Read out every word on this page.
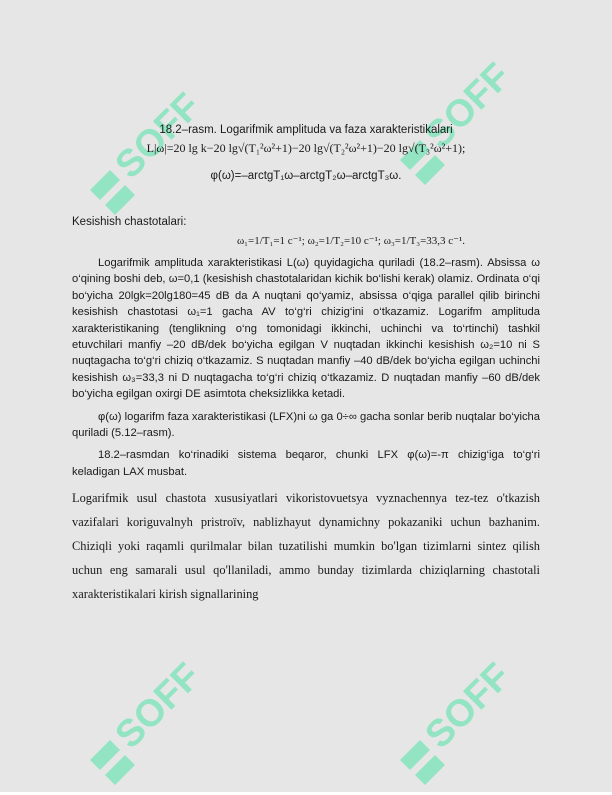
SOFF	SOFF
SOFF	SOFF

18.2–rasm. Logarifmik amplituda va faza xarakteristikalari

L|ω|=20 lg k−20 lg√(T₁²ω²+1)−20 lg√(T₂²ω²+1)−20 lg√(T₃²ω²+1);

φ(ω)=–arctgT₁ω–arctgT₂ω–arctgT₃ω.

Kesishish chastotalari:

ω₁=1/T₁=1 c⁻¹; ω₂=1/T₂=10 c⁻¹; ω₃=1/T₃=33,3 c⁻¹.

Logarifmik amplituda xarakteristikasi L(ω) quyidagicha quriladi (18.2–rasm). Absissa ω o‘qining boshi deb, ω=0,1 (kesishish chastotalaridan kichik bo‘lishi kerak) olamiz. Ordinata o‘qi bo‘yicha 20lgk=20lg180=45 dB da A nuqtani qo‘yamiz, absissa o‘qiga parallel qilib birinchi kesishish chastotasi ω₁=1 gacha AV to‘g‘ri chizig‘ini o‘tkazamiz. Logarifm amplituda xarakteristikaning (tenglikning o‘ng tomonidagi ikkinchi, uchinchi va to‘rtinchi) tashkil etuvchilari manfiy –20 dB/dek bo‘yicha egilgan V nuqtadan ikkinchi kesishish ω₂=10 ni S nuqtagacha to‘g‘ri chiziq o‘tkazamiz. S nuqtadan manfiy –40 dB/dek bo‘yicha egilgan uchinchi kesishish ω₃=33,3 ni D nuqtagacha to‘g‘ri chiziq o‘tkazamiz. D nuqtadan manfiy –60 dB/dek bo‘yicha egilgan oxirgi DE asimtota cheksizlikka ketadi.

φ(ω) logarifm faza xarakteristikasi (LFX)ni ω ga 0÷∞ gacha sonlar berib nuqtalar bo‘yicha quriladi (5.12–rasm).

18.2–rasmdan ko‘rinadiki sistema beqaror, chunki LFX φ(ω)=-π chizig‘iga to‘g‘ri keladigan LAX musbat.

Logarifmik usul chastota xususiyatlari vikoristovuetsya vyznachennya tez-tez o'tkazish vazifalari koriguvalnyh pristroïv, nablizhayut dynamichny pokazaniki uchun bazhanim. Chiziqli yoki raqamli qurilmalar bilan tuzatilishi mumkin bo'lgan tizimlarni sintez qilish uchun eng samarali usul qo'llaniladi, ammo bunday tizimlarda chiziqlarning chastotali xarakteristikalari kirish signallarining
